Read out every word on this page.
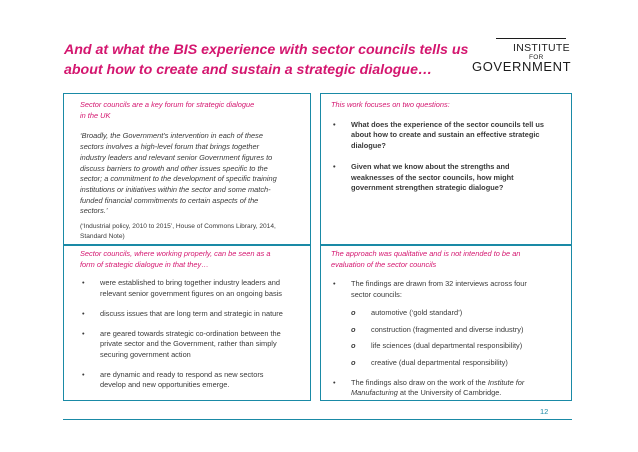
And at what the BIS experience with sector councils tells us
about how to create and sustain a strategic dialogue…
INSTITUTE
FOR
GOVERNMENT
Sector councils are a key forum for strategic dialogue
in the UK
‘Broadly, the Government’s intervention in each of these
sectors involves a high-level forum that brings together
industry leaders and relevant senior Government figures to
discuss barriers to growth and other issues specific to the
sector; a commitment to the development of specific training
institutions or initiatives within the sector and some match-
funded financial commitments to certain aspects of the
sectors.’
(‘Industrial policy, 2010 to 2015’, House of Commons Library, 2014,
Standard Note)
Sector councils, where working properly, can be seen as a
form of strategic dialogue in that they…
• were established to bring together industry leaders and
relevant senior government figures on an ongoing basis
• discuss issues that are long term and strategic in nature
• are geared towards strategic co-ordination between the
private sector and the Government, rather than simply
securing government action
• are dynamic and ready to respond as new sectors
develop and new opportunities emerge.
This work focuses on two questions:
• What does the experience of the sector councils tell us
about how to create and sustain an effective strategic
dialogue?
• Given what we know about the strengths and
weaknesses of the sector councils, how might
government strengthen strategic dialogue?
The approach was qualitative and is not intended to be an
evaluation of the sector councils
• The findings are drawn from 32 interviews across four
sector councils:
o automotive (‘gold standard’)
o construction (fragmented and diverse industry)
o life sciences (dual departmental responsibility)
o creative (dual departmental responsibility)
• The findings also draw on the work of the Institute for
Manufacturing at the University of Cambridge.
12
